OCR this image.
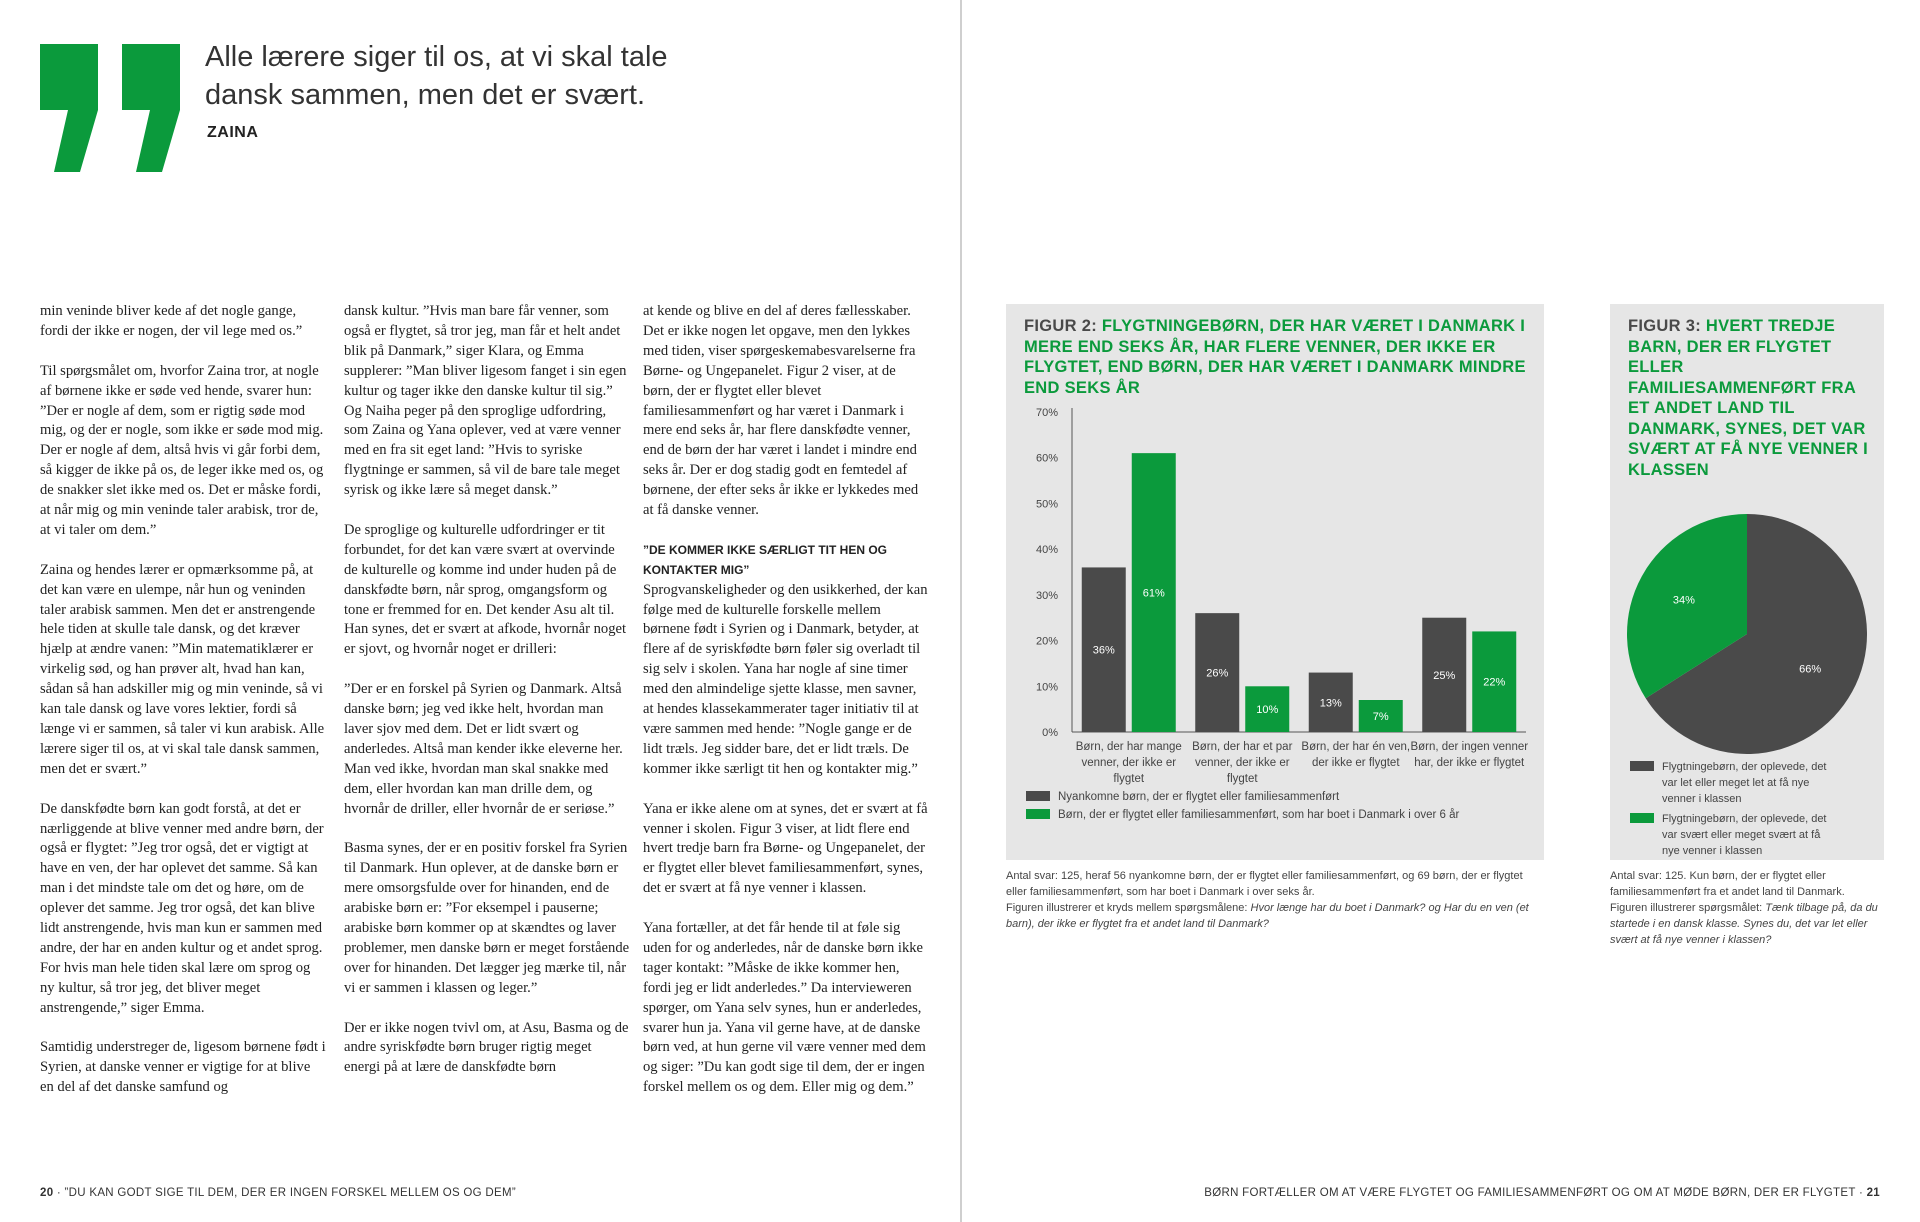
Alle lærere siger til os, at vi skal tale
dansk sammen, men det er svært.
ZAINA

min veninde bliver kede af det nogle gange, fordi der ikke er nogen, der vil lege med os.”

Til spørgsmålet om, hvorfor Zaina tror, at nogle af børnene ikke er søde ved hende, svarer hun: ”Der er nogle af dem, som er rigtig søde mod mig, og der er nogle, som ikke er søde mod mig. Der er nogle af dem, altså hvis vi går forbi dem, så kigger de ikke på os, de leger ikke med os, og de snakker slet ikke med os. Det er måske fordi, at når mig og min veninde taler arabisk, tror de, at vi taler om dem.”

Zaina og hendes lærer er opmærksomme på, at det kan være en ulempe, når hun og veninden taler arabisk sammen. Men det er anstrengende hele tiden at skulle tale dansk, og det kræver hjælp at ændre vanen: ”Min matematiklærer er virkelig sød, og han prøver alt, hvad han kan, sådan så han adskiller mig og min veninde, så vi kan tale dansk og lave vores lektier, fordi så længe vi er sammen, så taler vi kun arabisk. Alle lærere siger til os, at vi skal tale dansk sammen, men det er svært.”

De danskfødte børn kan godt forstå, at det er nærliggende at blive venner med andre børn, der også er flygtet: ”Jeg tror også, det er vigtigt at have en ven, der har oplevet det samme. Så kan man i det mindste tale om det og høre, om de oplever det samme. Jeg tror også, det kan blive lidt anstrengende, hvis man kun er sammen med andre, der har en anden kultur og et andet sprog. For hvis man hele tiden skal lære om sprog og ny kultur, så tror jeg, det bliver meget anstrengende,” siger Emma.

Samtidig understreger de, ligesom børnene født i Syrien, at danske venner er vigtige for at blive en del af det danske samfund og

dansk kultur. ”Hvis man bare får venner, som også er flygtet, så tror jeg, man får et helt andet blik på Danmark,” siger Klara, og Emma supplerer: ”Man bliver ligesom fanget i sin egen kultur og tager ikke den danske kultur til sig.” Og Naiha peger på den sproglige udfordring, som Zaina og Yana oplever, ved at være venner med en fra sit eget land: ”Hvis to syriske flygtninge er sammen, så vil de bare tale meget syrisk og ikke lære så meget dansk.”

De sproglige og kulturelle udfordringer er tit forbundet, for det kan være svært at overvinde de kulturelle og komme ind under huden på de danskfødte børn, når sprog, omgangsform og tone er fremmed for en. Det kender Asu alt til. Han synes, det er svært at afkode, hvornår noget er sjovt, og hvornår noget er drilleri:

”Der er en forskel på Syrien og Danmark. Altså danske børn; jeg ved ikke helt, hvordan man laver sjov med dem. Det er lidt svært og anderledes. Altså man kender ikke eleverne her. Man ved ikke, hvordan man skal snakke med dem, eller hvordan kan man drille dem, og hvornår de driller, eller hvornår de er seriøse.”

Basma synes, der er en positiv forskel fra Syrien til Danmark. Hun oplever, at de danske børn er mere omsorgsfulde over for hinanden, end de arabiske børn er: ”For eksempel i pauserne; arabiske børn kommer op at skændtes og laver problemer, men danske børn er meget forstående over for hinanden. Det lægger jeg mærke til, når vi er sammen i klassen og leger.”

Der er ikke nogen tvivl om, at Asu, Basma og de andre syriskfødte børn bruger rigtig meget energi på at lære de danskfødte børn

at kende og blive en del af deres fællesskaber. Det er ikke nogen let opgave, men den lykkes med tiden, viser spørgeskemabesvarelserne fra Børne- og Ungepanelet. Figur 2 viser, at de børn, der er flygtet eller blevet familiesammenført og har været i Danmark i mere end seks år, har flere danskfødte venner, end de børn der har været i landet i mindre end seks år. Der er dog stadig godt en femtedel af børnene, der efter seks år ikke er lykkedes med at få danske venner.

”DE KOMMER IKKE SÆRLIGT TIT HEN OG
KONTAKTER MIG”

Sprogvanskeligheder og den usikkerhed, der kan følge med de kulturelle forskelle mellem børnene født i Syrien og i Danmark, betyder, at flere af de syriskfødte børn føler sig overladt til sig selv i skolen. Yana har nogle af sine timer med den almindelige sjette klasse, men savner, at hendes klassekammerater tager initiativ til at være sammen med hende: ”Nogle gange er de lidt træls. Jeg sidder bare, det er lidt træls. De kommer ikke særligt tit hen og kontakter mig.”

Yana er ikke alene om at synes, det er svært at få venner i skolen. Figur 3 viser, at lidt flere end hvert tredje barn fra Børne- og Ungepanelet, der er flygtet eller blevet familiesammenført, synes, det er svært at få nye venner i klassen.

Yana fortæller, at det får hende til at føle sig uden for og anderledes, når de danske børn ikke tager kontakt: ”Måske de ikke kommer hen, fordi jeg er lidt anderledes.” Da intervieweren spørger, om Yana selv synes, hun er anderledes, svarer hun ja. Yana vil gerne have, at de danske børn ved, at hun gerne vil være venner med dem og siger: ”Du kan godt sige til dem, der er ingen forskel mellem os og dem. Eller mig og dem.”

20 · ”DU KAN GODT SIGE TIL DEM, DER ER INGEN FORSKEL MELLEM OS OG DEM”
FIGUR 2: FLYGTNINGEBØRN, DER HAR VÆRET I DANMARK I MERE END SEKS ÅR, HAR FLERE VENNER, DER IKKE ER FLYGTET, END BØRN, DER HAR VÆRET I DANMARK MINDRE END SEKS ÅR
0%
10%
20%
30%
40%
50%
60%
70%
36%
61%
Børn, der har mange
venner, der ikke er
flygtet
26%
10%
Børn, der har et par
venner, der ikke er
flygtet
13%
7%
Børn, der har én ven,
der ikke er flygtet
25%
22%
Børn, der ingen venner
har, der ikke er flygtet
Nyankomne børn, der er flygtet eller familiesammenført
Børn, der er flygtet eller familiesammenført, som har boet i Danmark i over 6 år
FIGUR 3: HVERT TREDJE BARN, DER ER FLYGTET ELLER FAMILIESAMMENFØRT FRA ET ANDET LAND TIL DANMARK, SYNES, DET VAR SVÆRT AT FÅ NYE VENNER I KLASSEN
66%
34%
Flygtningebørn, der oplevede, det
var let eller meget let at få nye
venner i klassen
Flygtningebørn, der oplevede, det
var svært eller meget svært at få
nye venner i klassen
Antal svar: 125, heraf 56 nyankomne børn, der er flygtet eller familiesammenført, og 69 børn, der er flygtet
eller familiesammenført, som har boet i Danmark i over seks år.
Figuren illustrerer et kryds mellem spørgsmålene: Hvor længe har du boet i Danmark? og Har du en ven (et barn), der ikke er flygtet fra et andet land til Danmark?
Antal svar: 125. Kun børn, der er flygtet eller familiesammenført fra et andet land til Danmark.
Figuren illustrerer spørgsmålet: Tænk tilbage på, da du startede i en dansk klasse. Synes du, det var let eller svært at få nye venner i klassen?
BØRN FORTÆLLER OM AT VÆRE FLYGTET OG FAMILIESAMMENFØRT OG OM AT MØDE BØRN, DER ER FLYGTET · 21
